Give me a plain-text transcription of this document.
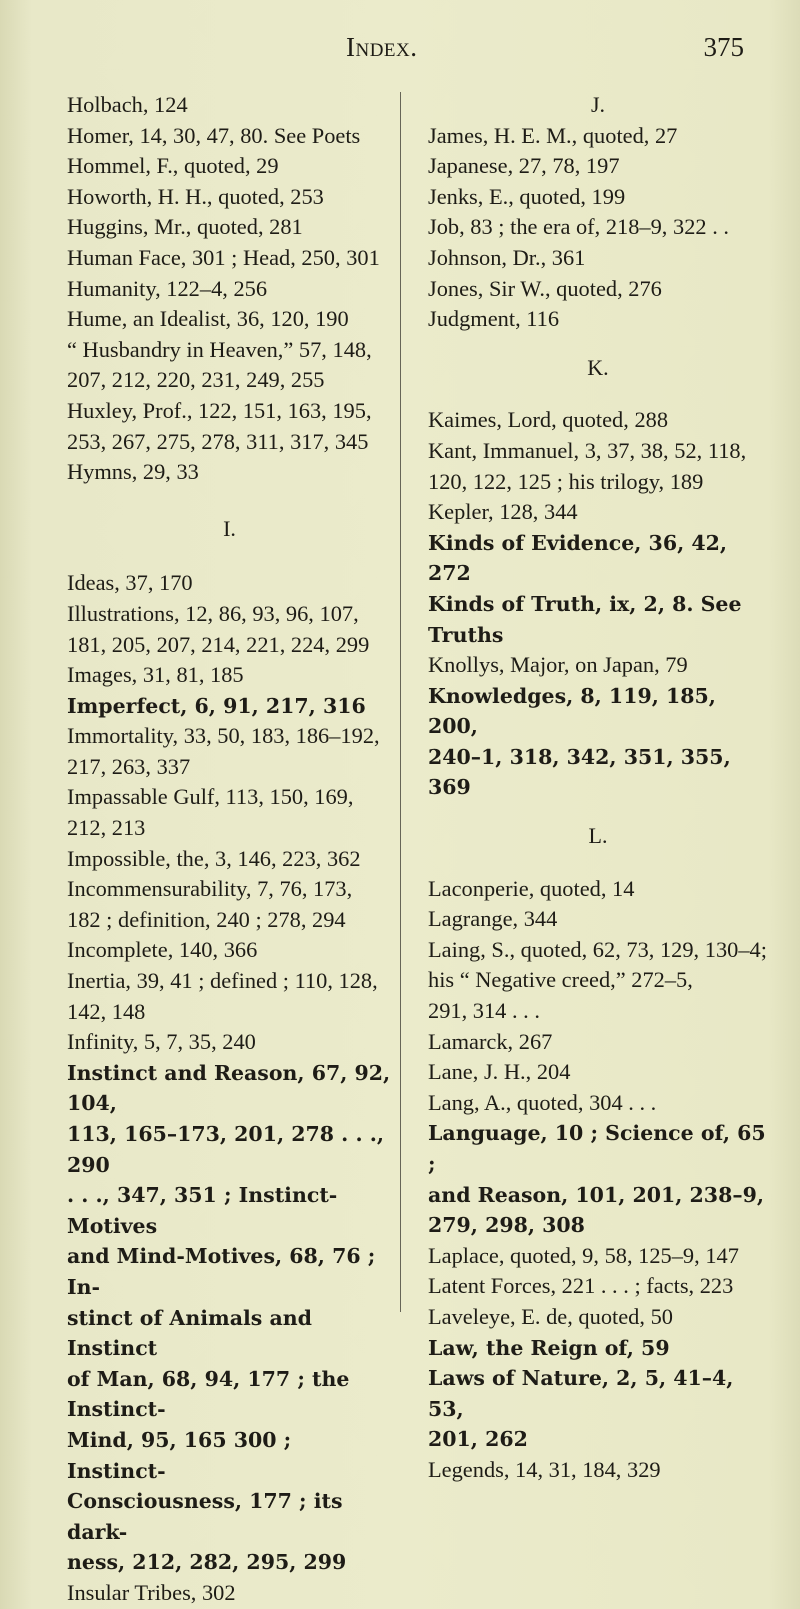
Index.	375
Holbach, 124
Homer, 14, 30, 47, 80. See Poets
Hommel, F., quoted, 29
Howorth, H. H., quoted, 253
Huggins, Mr., quoted, 281
Human Face, 301 ; Head, 250, 301
Humanity, 122–4, 256
Hume, an Idealist, 36, 120, 190
“ Husbandry in Heaven,” 57, 148,
207, 212, 220, 231, 249, 255
Huxley, Prof., 122, 151, 163, 195,
253, 267, 275, 278, 311, 317, 345
Hymns, 29, 33
I.
Ideas, 37, 170
Illustrations, 12, 86, 93, 96, 107,
181, 205, 207, 214, 221, 224, 299
Images, 31, 81, 185
Imperfect, 6, 91, 217, 316
Immortality, 33, 50, 183, 186–192,
217, 263, 337
Impassable Gulf, 113, 150, 169,
212, 213
Impossible, the, 3, 146, 223, 362
Incommensurability, 7, 76, 173,
182 ; definition, 240 ; 278, 294
Incomplete, 140, 366
Inertia, 39, 41 ; defined ; 110, 128,
142, 148
Infinity, 5, 7, 35, 240
Instinct and Reason, 67, 92, 104,
113, 165–173, 201, 278 . . ., 290
. . ., 347, 351 ; Instinct-Motives
and Mind-Motives, 68, 76 ; In-
stinct of Animals and Instinct
of Man, 68, 94, 177 ; the Instinct-
Mind, 95, 165 300 ; Instinct-
Consciousness, 177 ; its dark-
ness, 212, 282, 295, 299
Insular Tribes, 302
J.
James, H. E. M., quoted, 27
Japanese, 27, 78, 197
Jenks, E., quoted, 199
Job, 83 ; the era of, 218–9, 322 . .
Johnson, Dr., 361
Jones, Sir W., quoted, 276
Judgment, 116
K.
Kaimes, Lord, quoted, 288
Kant, Immanuel, 3, 37, 38, 52, 118,
120, 122, 125 ; his trilogy, 189
Kepler, 128, 344
Kinds of Evidence, 36, 42, 272
Kinds of Truth, ix, 2, 8. See
Truths
Knollys, Major, on Japan, 79
Knowledges, 8, 119, 185, 200,
240–1, 318, 342, 351, 355, 369
L.
Laconperie, quoted, 14
Lagrange, 344
Laing, S., quoted, 62, 73, 129, 130–4;
his “ Negative creed,” 272–5,
291, 314 . . .
Lamarck, 267
Lane, J. H., 204
Lang, A., quoted, 304 . . .
Language, 10 ; Science of, 65 ;
and Reason, 101, 201, 238–9,
279, 298, 308
Laplace, quoted, 9, 58, 125–9, 147
Latent Forces, 221 . . . ; facts, 223
Laveleye, E. de, quoted, 50
Law, the Reign of, 59
Laws of Nature, 2, 5, 41–4, 53,
201, 262
Legends, 14, 31, 184, 329
